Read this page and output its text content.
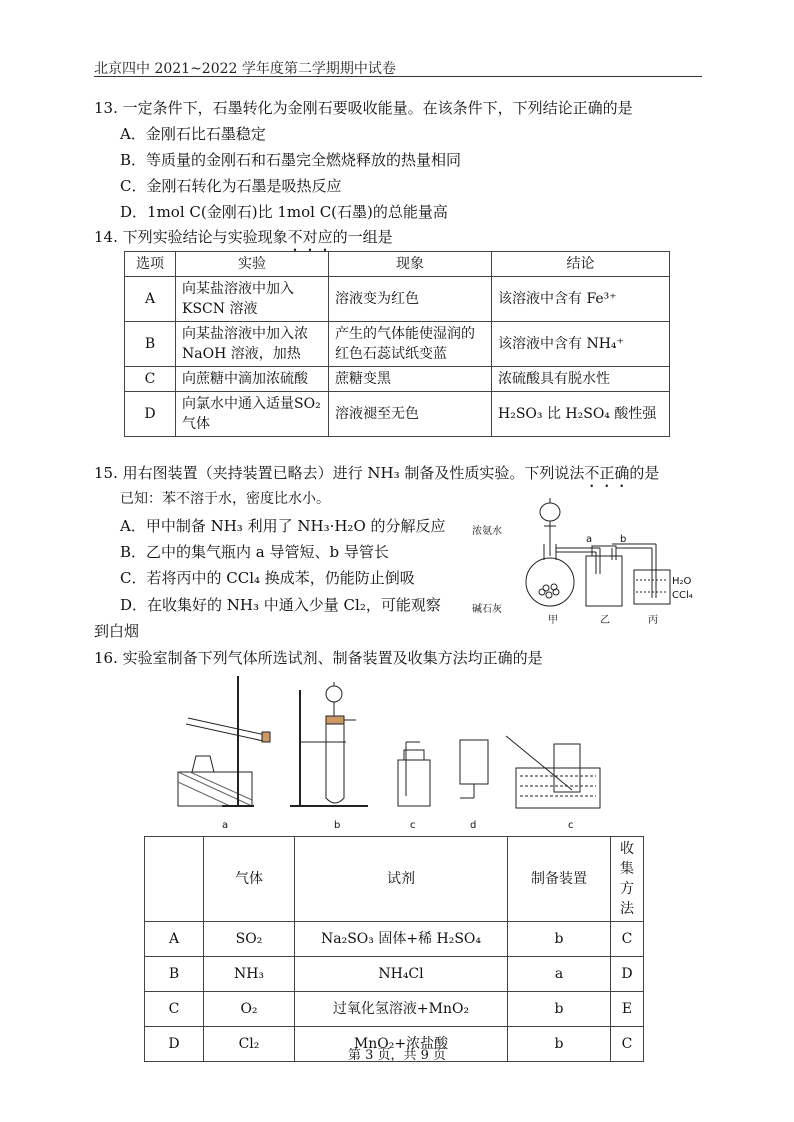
北京四中 2021~2022 学年度第二学期期中试卷
13. 一定条件下，石墨转化为金刚石要吸收能量。在该条件下，下列结论正确的是
A．金刚石比石墨稳定
B．等质量的金刚石和石墨完全燃烧释放的热量相同
C．金刚石转化为石墨是吸热反应
D．1mol C(金刚石)比 1mol C(石墨)的总能量高
14. 下列实验结论与实验现象不对应的一组是
选项	实验	现象	结论
A	向某盐溶液中加入KSCN 溶液	溶液变为红色	该溶液中含有 Fe³⁺
B	向某盐溶液中加入浓NaOH 溶液，加热	产生的气体能使湿润的红色石蕊试纸变蓝	该溶液中含有 NH₄⁺
C	向蔗糖中滴加浓硫酸	蔗糖变黑	浓硫酸具有脱水性
D	向氯水中通入适量SO₂ 气体	溶液褪至无色	H₂SO₃ 比 H₂SO₄ 酸性强
15. 用右图装置（夹持装置已略去）进行 NH₃ 制备及性质实验。下列说法不正确的是
已知：苯不溶于水，密度比水小。
A．甲中制备 NH₃ 利用了 NH₃·H₂O 的分解反应
B．乙中的集气瓶内 a 导管短、b 导管长
C．若将丙中的 CCl₄ 换成苯，仍能防止倒吸
D．在收集好的 NH₃ 中通入少量 Cl₂，可能观察
到白烟
浓氨水
碱石灰
a	b
H₂O
CCl₄
甲	乙	丙
16. 实验室制备下列气体所选试剂、制备装置及收集方法均正确的是
a	b	c	d	c
	气体	试剂	制备装置	收集方法
A	SO₂	Na₂SO₃ 固体+稀 H₂SO₄	b	C
B	NH₃	NH₄Cl	a	D
C	O₂	过氧化氢溶液+MnO₂	b	E
D	Cl₂	MnO₂+浓盐酸	b	C
第 3 页，共 9 页
